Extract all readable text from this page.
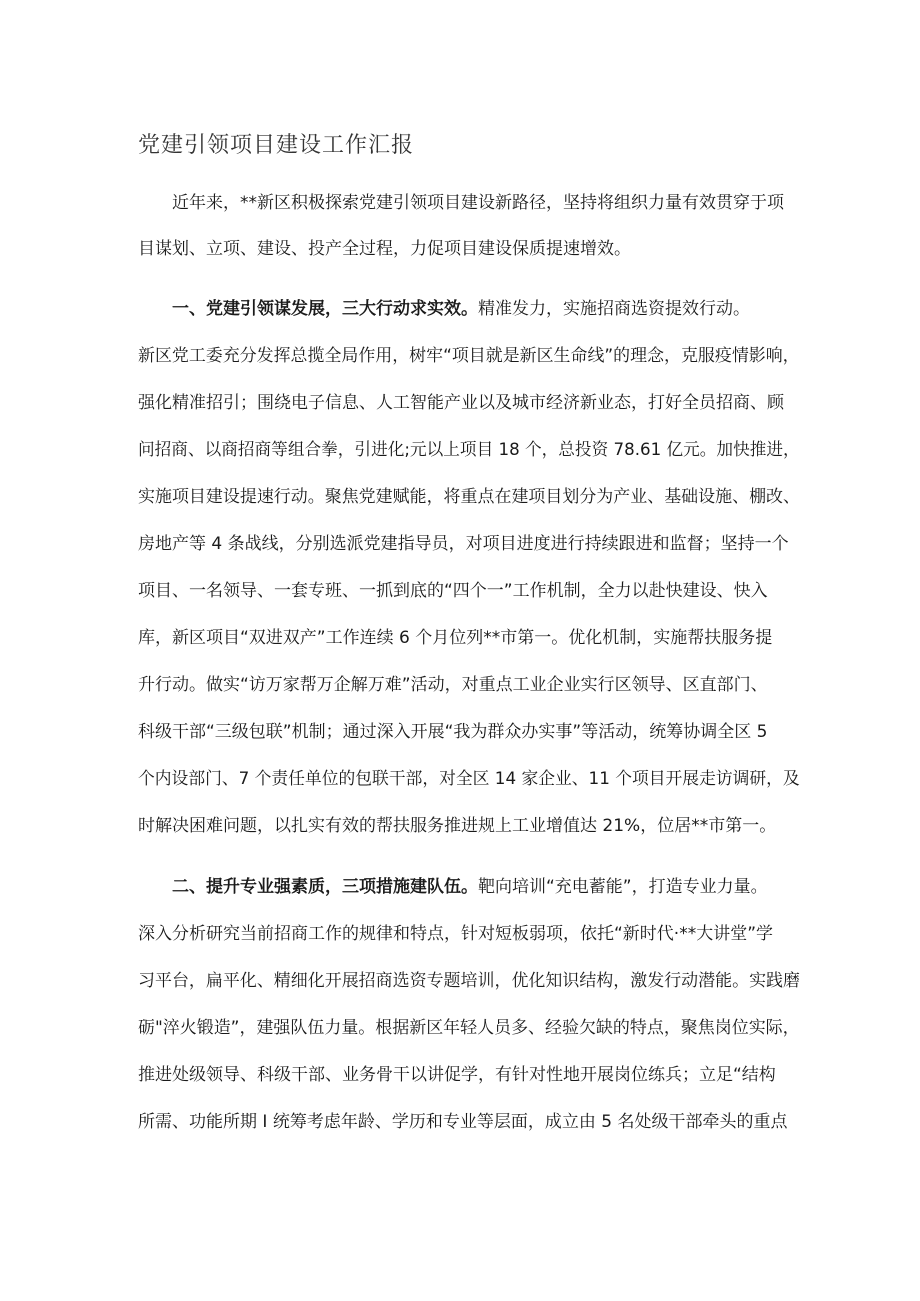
党建引领项目建设工作汇报
近年来，**新区积极探索党建引领项目建设新路径，坚持将组织力量有效贯穿于项
目谋划、立项、建设、投产全过程，力促项目建设保质提速增效。
一、党建引领谋发展，三大行动求实效。精准发力，实施招商选资提效行动。
新区党工委充分发挥总揽全局作用，树牢“项目就是新区生命线”的理念，克服疫情影响，
强化精准招引；围绕电子信息、人工智能产业以及城市经济新业态，打好全员招商、顾
问招商、以商招商等组合拳，引进化;元以上项目 18 个，总投资 78.61 亿元。加快推进，
实施项目建设提速行动。聚焦党建赋能，将重点在建项目划分为产业、基础设施、棚改、
房地产等 4 条战线，分别选派党建指导员，对项目进度进行持续跟进和监督；坚持一个
项目、一名领导、一套专班、一抓到底的“四个一”工作机制，全力以赴快建设、快入
库，新区项目“双进双产”工作连续 6 个月位列**市第一。优化机制，实施帮扶服务提
升行动。做实“访万家帮万企解万难”活动，对重点工业企业实行区领导、区直部门、
科级干部“三级包联”机制；通过深入开展“我为群众办实事”等活动，统筹协调全区 5
个内设部门、7 个责任单位的包联干部，对全区 14 家企业、11 个项目开展走访调研，及
时解决困难问题，以扎实有效的帮扶服务推进规上工业增值达 21%，位居**市第一。
二、提升专业强素质，三项措施建队伍。靶向培训“充电蓄能”，打造专业力量。
深入分析研究当前招商工作的规律和特点，针对短板弱项，依托“新时代·**大讲堂”学
习平台，扁平化、精细化开展招商选资专题培训，优化知识结构，激发行动潜能。实践磨
砺"淬火锻造”，建强队伍力量。根据新区年轻人员多、经验欠缺的特点，聚焦岗位实际，
推进处级领导、科级干部、业务骨干以讲促学，有针对性地开展岗位练兵；立足“结构
所需、功能所期 I 统筹考虑年龄、学历和专业等层面，成立由 5 名处级干部牵头的重点
